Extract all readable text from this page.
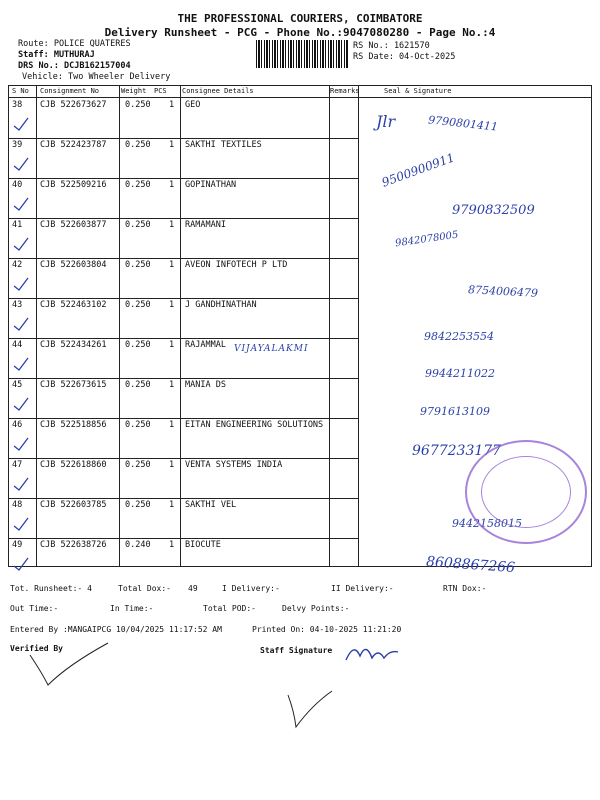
THE PROFESSIONAL COURIERS, COIMBATORE
Delivery Runsheet - PCG - Phone No.:9047080280 - Page No.:4
Route: POLICE QUATERES
Staff: MUTHURAJ
DRS No.: DCJB162157004
Vehicle: Two Wheeler Delivery
RS No.: 1621570
RS Date: 04-Oct-2025
S No Consignment No	Weight PCS Consignee Details	Remarks	Seal & Signature
38 CJB 522673627 0.250 1 GEO
39 CJB 522423787 0.250 1 SAKTHI TEXTILES
40 CJB 522509216 0.250 1 GOPINATHAN
41 CJB 522603877 0.250 1 RAMAMANI
42 CJB 522603804 0.250 1 AVEON INFOTECH P LTD
43 CJB 522463102 0.250 1 J GANDHINATHAN
44 CJB 522434261 0.250 1 RAJAMMAL
45 CJB 522673615 0.250 1 MANIA DS
46 CJB 522518856 0.250 1 EITAN ENGINEERING SOLUTIONS
47 CJB 522618860 0.250 1 VENTA SYSTEMS INDIA
48 CJB 522603785 0.250 1 SAKTHI VEL
49 CJB 522638726 0.240 1 BIOCUTE
Jlr	9790801411
9500900911
9790832509
9842078005
8754006479
9842253554
VIJAYALAKMI
9944211022
9791613109
9677233177
9442158015
8608867266
Tot. Runsheet:- 4	Total Dox:- 49	I Delivery:-	II Delivery:-	RTN Dox:-
Out Time:-	In Time:-	Total POD:-	Delvy Points:-
Entered By :MANGAIPCG 10/04/2025 11:17:52 AM	Printed On: 04-10-2025 11:21:20
Verified By	Staff Signature
